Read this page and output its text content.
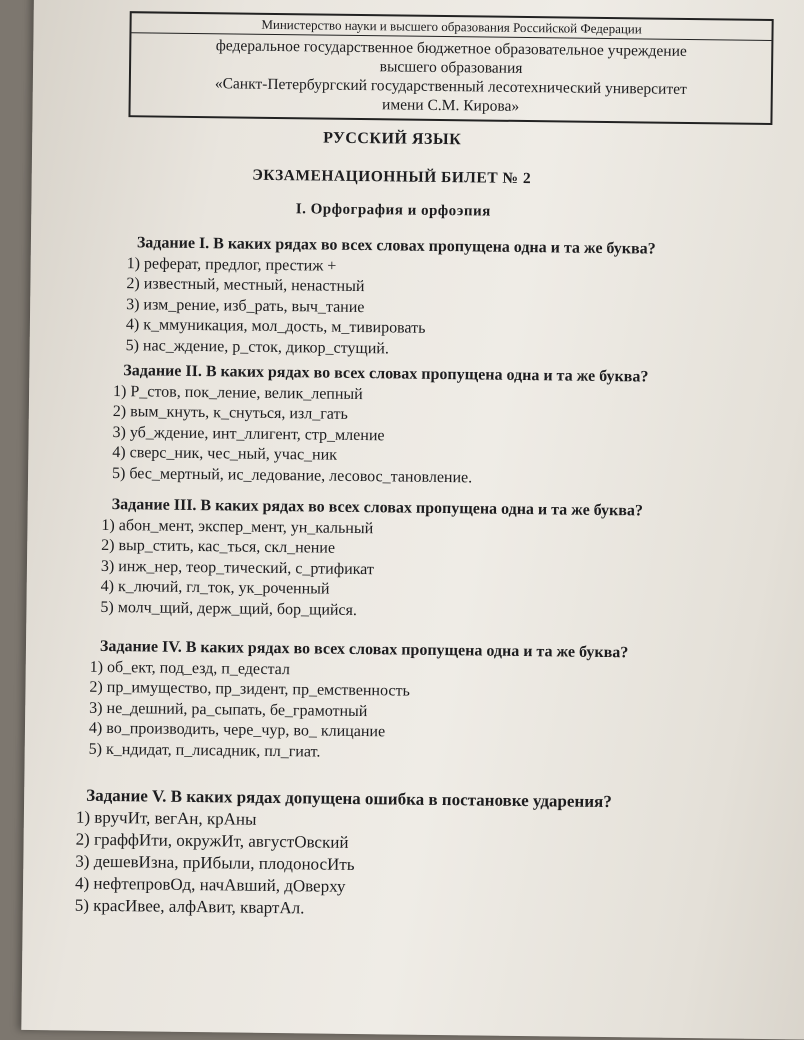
Министерство науки и высшего образования Российской Федерации
федеральное государственное бюджетное образовательное учреждение
высшего образования
«Санкт-Петербургский государственный лесотехнический университет
имени С.М. Кирова»
РУССКИЙ ЯЗЫК
ЭКЗАМЕНАЦИОННЫЙ БИЛЕТ № 2
I. Орфография и орфоэпия
Задание I. В каких рядах во всех словах пропущена одна и та же буква?
1) реферат, предлог, престиж +
2) известный, местный, ненастный
3) изм_рение, изб_рать, выч_тание
4) к_ммуникация, мол_дость, м_тивировать
5) нас_ждение, р_сток, дикор_стущий.
Задание II. В каких рядах во всех словах пропущена одна и та же буква?
1) Р_стов, пок_ление, велик_лепный
2) вым_кнуть, к_снуться, изл_гать
3) уб_ждение, инт_ллигент, стр_мление
4) сверс_ник, чес_ный, учас_ник
5) бес_мертный, ис_ледование, лесовос_тановление.
Задание III. В каких рядах во всех словах пропущена одна и та же буква?
1) абон_мент, экспер_мент, ун_кальный
2) выр_стить, кас_ться, скл_нение
3) инж_нер, теор_тический, с_ртификат
4) к_лючий, гл_ток, ук_роченный
5) молч_щий, держ_щий, бор_щийся.
Задание IV. В каких рядах во всех словах пропущена одна и та же буква?
1) об_ект, под_езд, п_едестал
2) пр_имущество, пр_зидент, пр_емственность
3) не_дешний, ра_сыпать, бе_грамотный
4) во_производить, чере_чур, во_ клицание
5) к_ндидат, п_лисадник, пл_гиат.
Задание V. В каких рядах допущена ошибка в постановке ударения?
1) вручИт, вегАн, крАны
2) граффИти, окружИт, августОвский
3) дешевИзна, прИбыли, плодоносИть
4) нефтепровОд, начАвший, дОверху
5) красИвее, алфАвит, квартАл.
